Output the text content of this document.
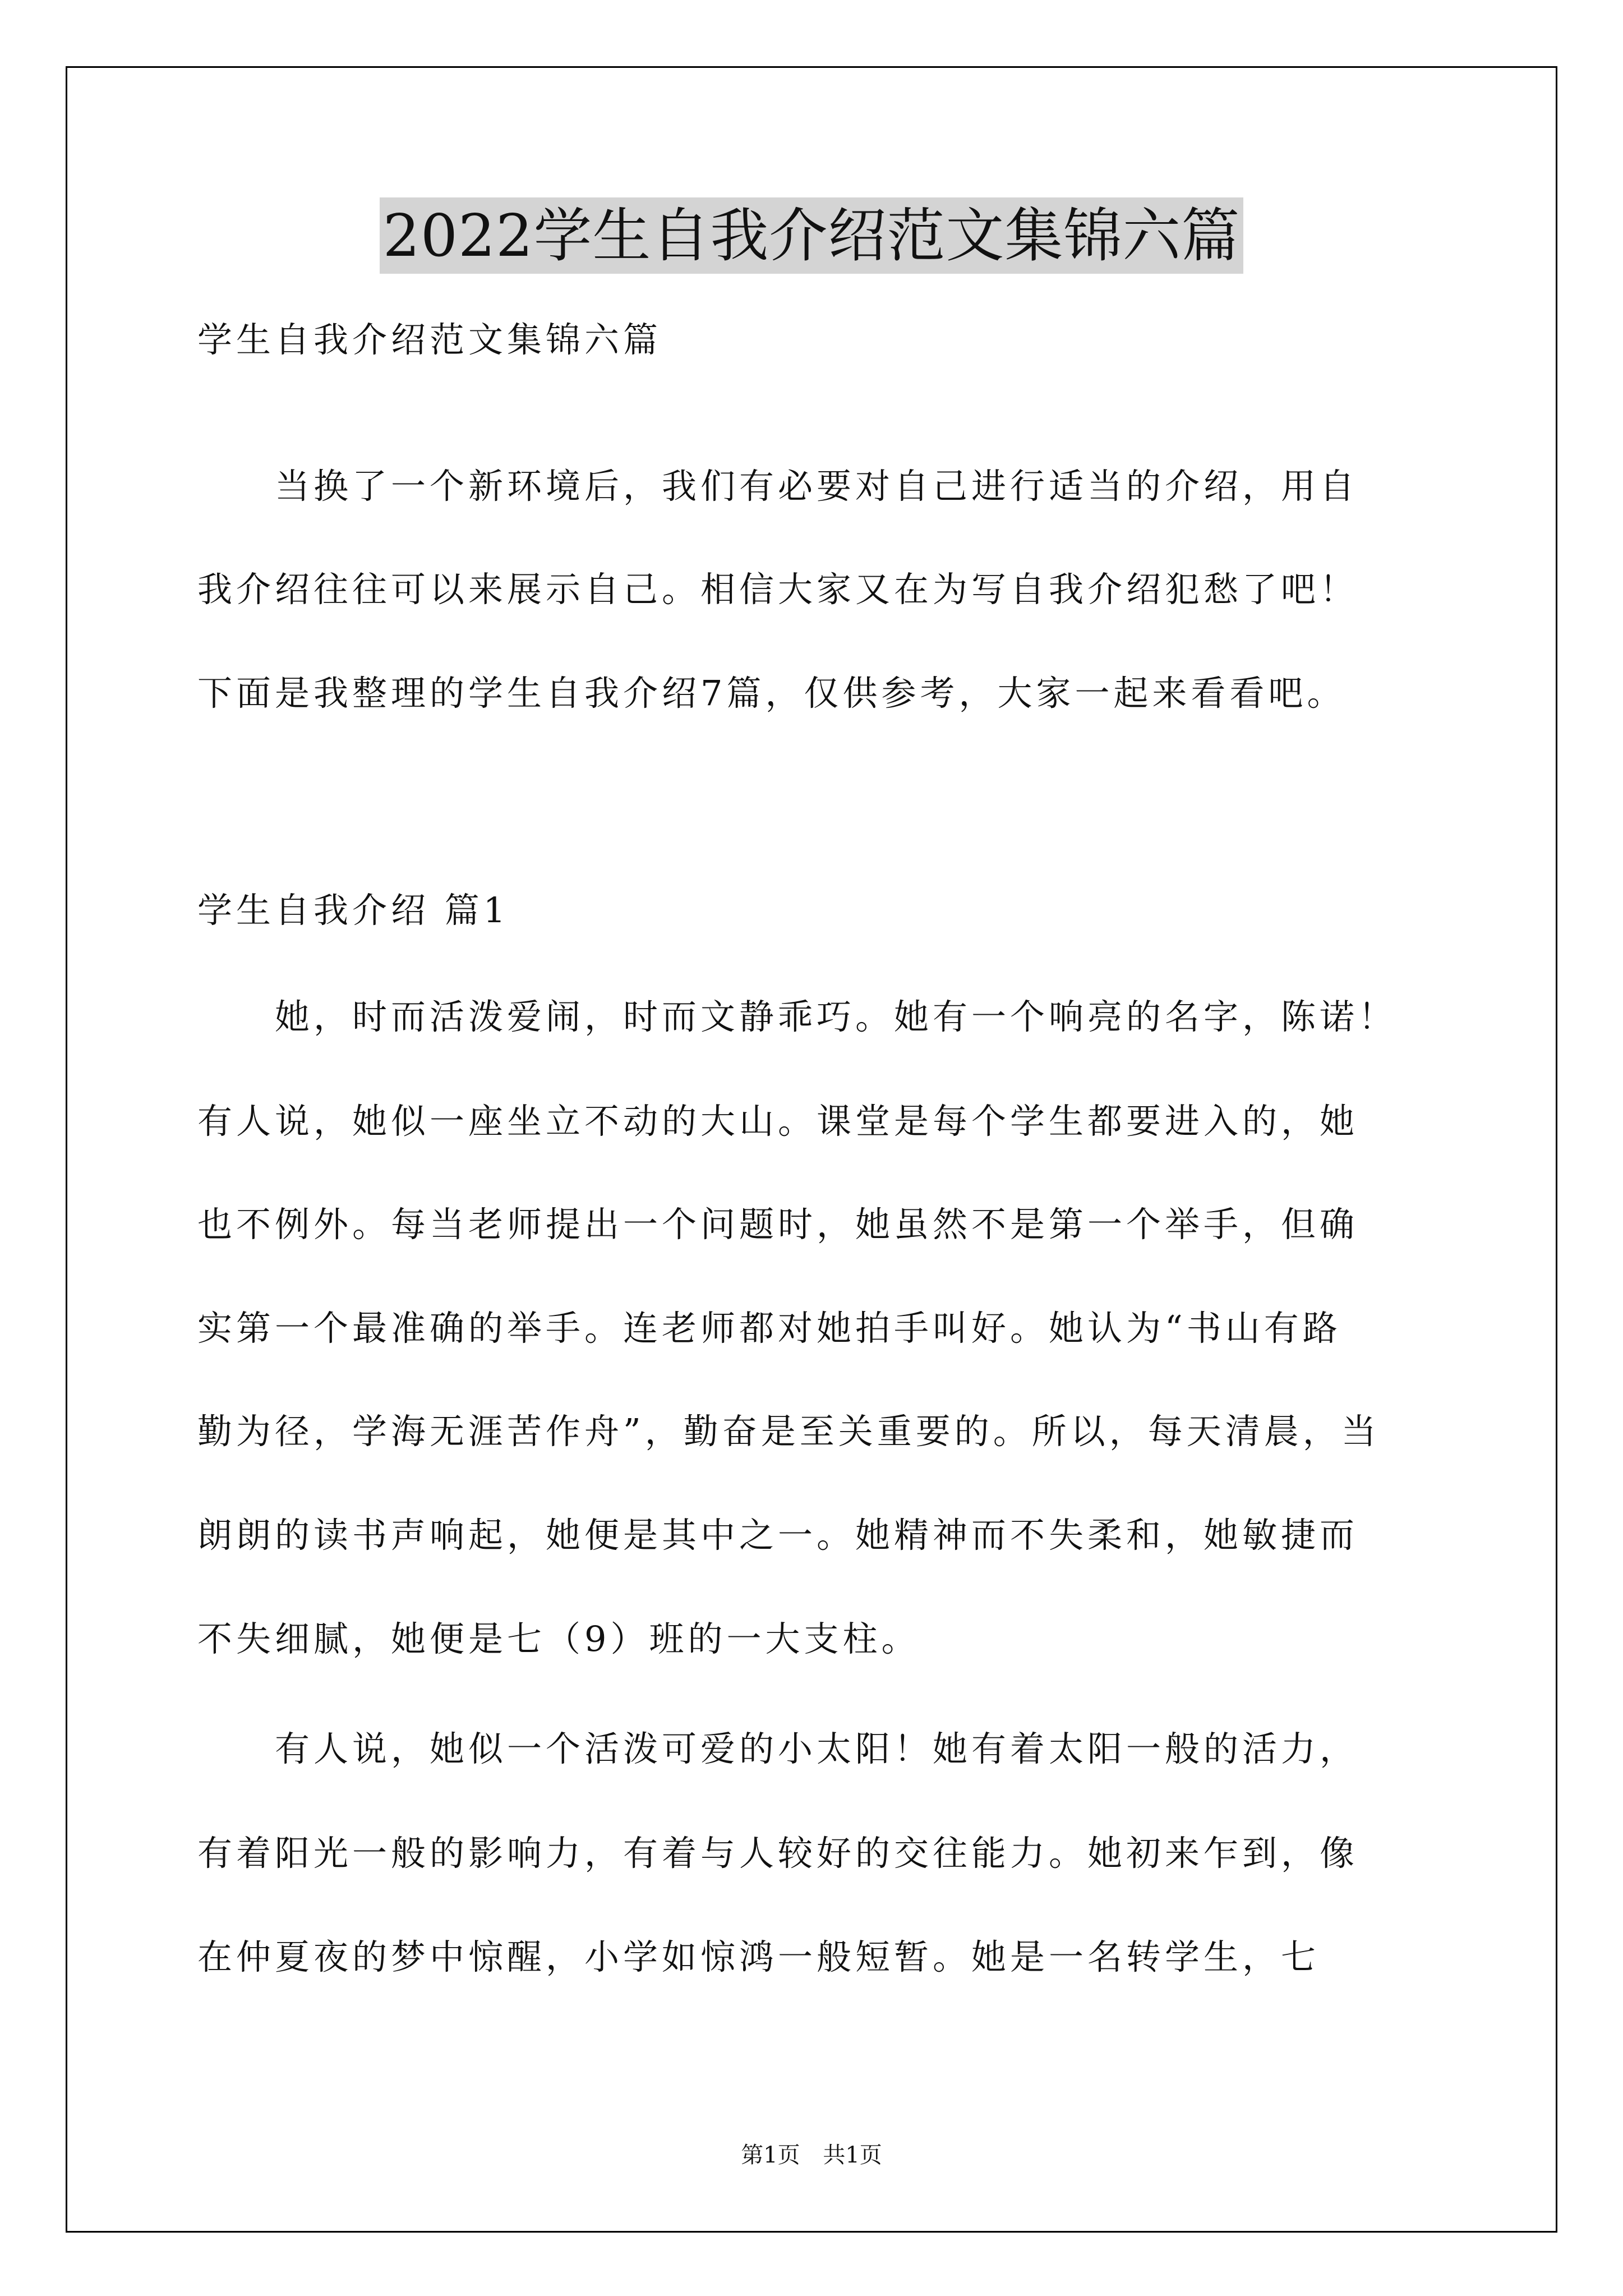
2022学生自我介绍范文集锦六篇

学生自我介绍范文集锦六篇

　　当换了一个新环境后，我们有必要对自己进行适当的介绍，用自

我介绍往往可以来展示自己。相信大家又在为写自我介绍犯愁了吧！

下面是我整理的学生自我介绍7篇，仅供参考，大家一起来看看吧。

学生自我介绍 篇1

　　她，时而活泼爱闹，时而文静乖巧。她有一个响亮的名字，陈诺！

有人说，她似一座坐立不动的大山。课堂是每个学生都要进入的，她

也不例外。每当老师提出一个问题时，她虽然不是第一个举手，但确

实第一个最准确的举手。连老师都对她拍手叫好。她认为“书山有路

勤为径，学海无涯苦作舟”，勤奋是至关重要的。所以，每天清晨，当

朗朗的读书声响起，她便是其中之一。她精神而不失柔和，她敏捷而

不失细腻，她便是七（9）班的一大支柱。

　　有人说，她似一个活泼可爱的小太阳！她有着太阳一般的活力，

有着阳光一般的影响力，有着与人较好的交往能力。她初来乍到，像

在仲夏夜的梦中惊醒，小学如惊鸿一般短暂。她是一名转学生，七

第1页 共1页
